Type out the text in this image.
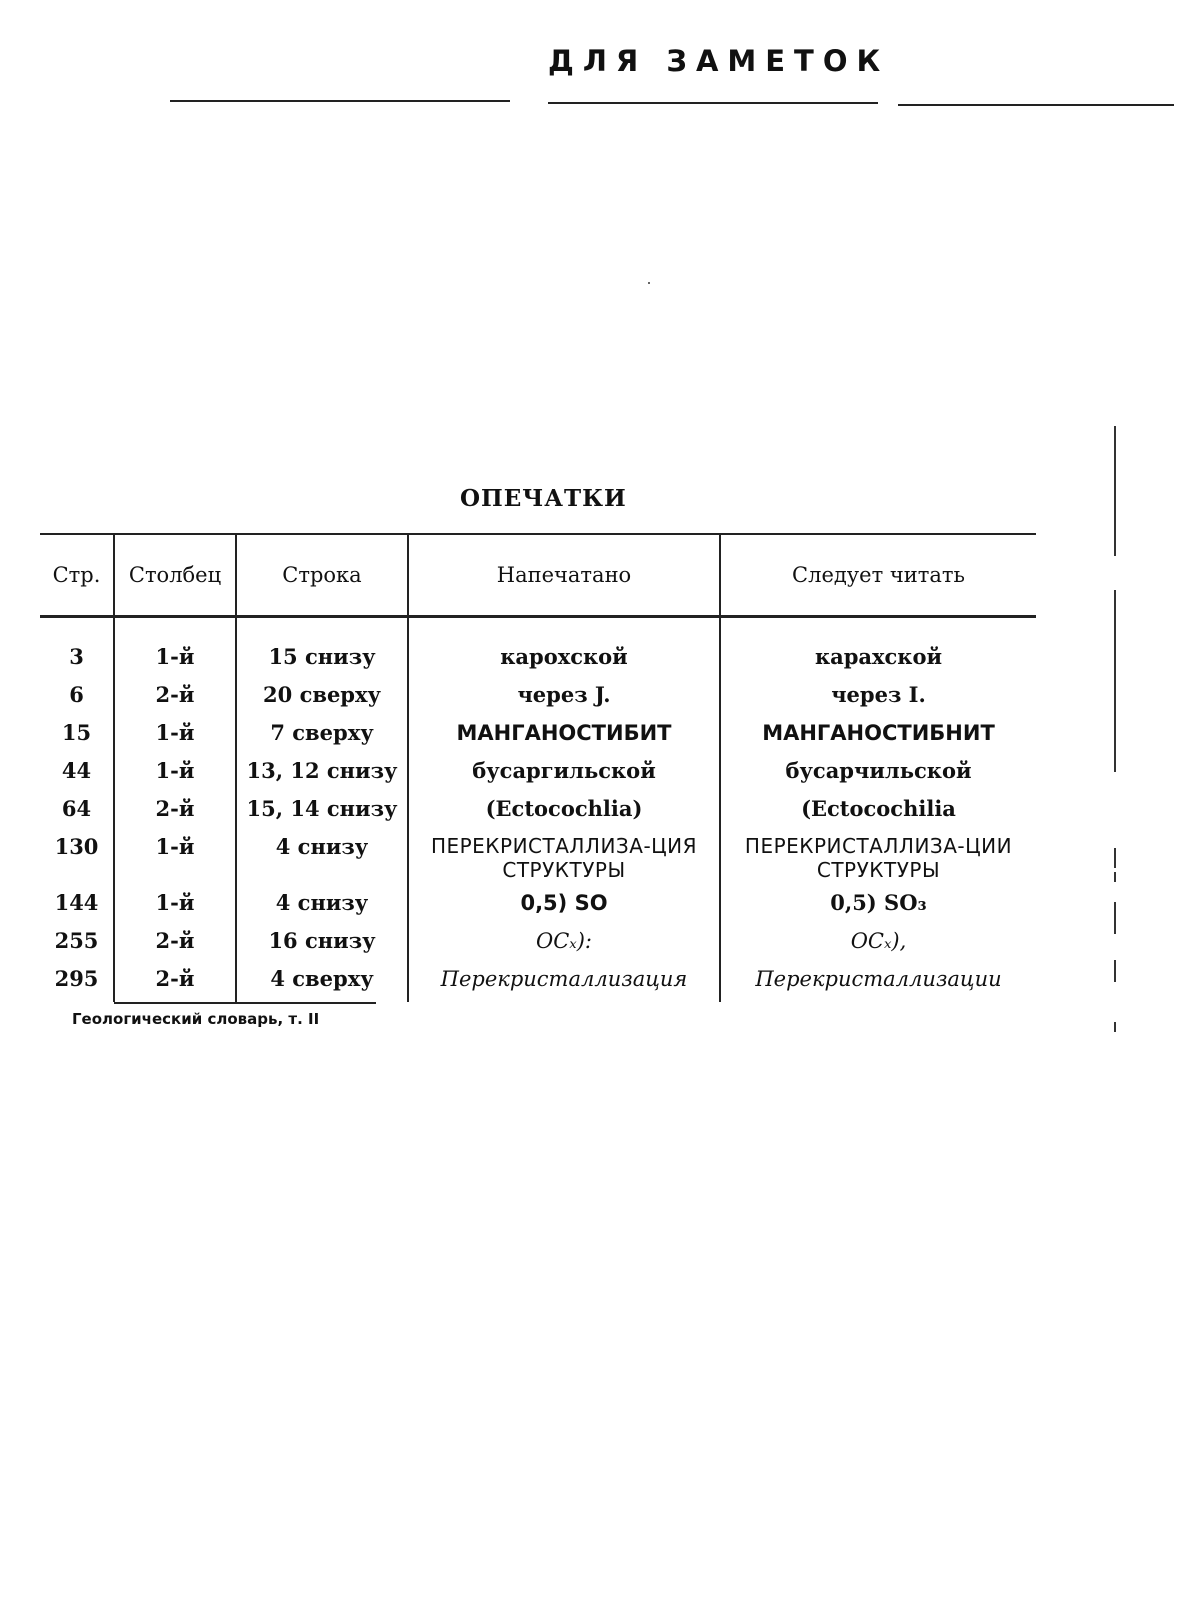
ДЛЯ ЗАМЕТОК
ОПЕЧАТКИ
Стр.	Столбец	Строка	Напечатано	Следует читать
3	1-й	15 снизу	карохской	карахской
6	2-й	20 сверху	через J.	через I.
15	1-й	7 сверху	МАНГАНОСТИБИТ	МАНГАНОСТИБНИТ
44	1-й	13, 12 снизу	бусаргильской	бусарчильской
64	2-й	15, 14 снизу	(Ectocochlia)	(Ectocochilia
130	1-й	4 снизу	ПЕРЕКРИСТАЛЛИЗА-ЦИЯ СТРУКТУРЫ	ПЕРЕКРИСТАЛЛИЗА-ЦИИ СТРУКТУРЫ
144	1-й	4 снизу	0,5) SO	0,5) SO₃
255	2-й	16 снизу	OCₓ):	OCₓ),
295	2-й	4 сверху	Перекристаллизация	Перекристаллизации
Геологический словарь, т. II
